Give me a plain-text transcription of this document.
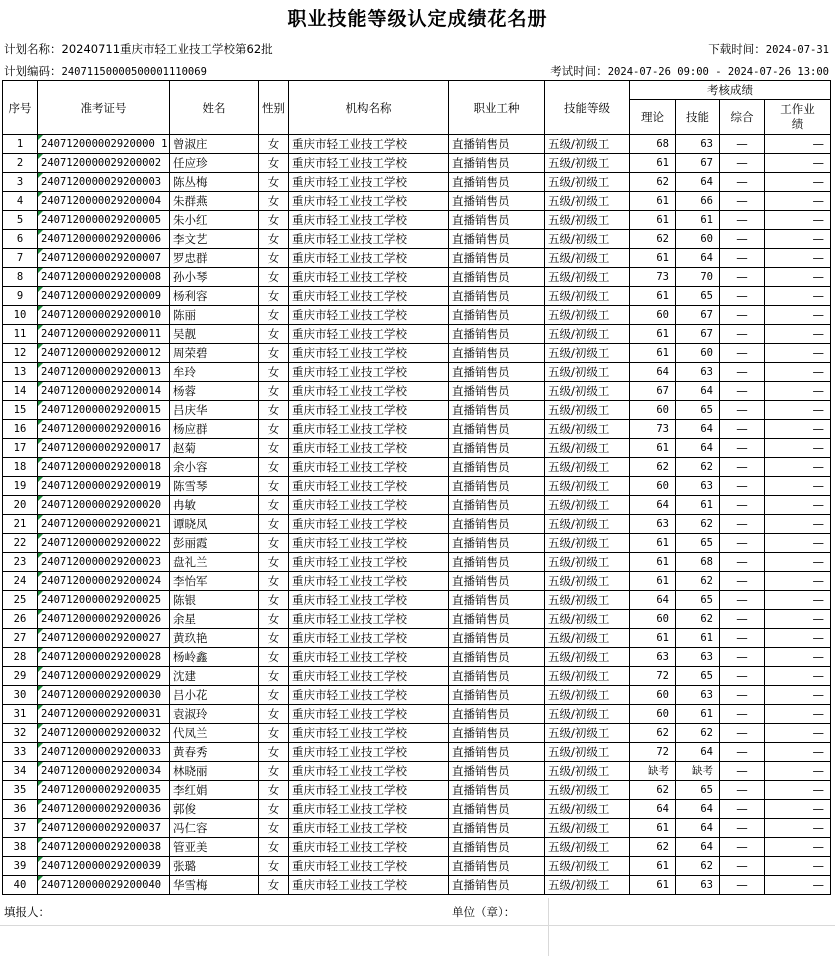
职业技能等级认定成绩花名册
计划名称：20240711重庆市轻工业技工学校第62批	下载时间：2024-07-31
计划编码：24071150000500001110069	考试时间：2024-07-26 09:00 - 2024-07-26 13:00
序号	准考证号	姓名	性别	机构名称	职业工种	技能等级	考核成绩			
							理论	技能	综合	工作业绩
1	240712000002920000 1	曾淑庄	女	重庆市轻工业技工学校	直播销售员	五级/初级工	68	63	—	—
2	2407120000029200002	任应珍	女	重庆市轻工业技工学校	直播销售员	五级/初级工	61	67	—	—
3	2407120000029200003	陈丛梅	女	重庆市轻工业技工学校	直播销售员	五级/初级工	62	64	—	—
4	2407120000029200004	朱群燕	女	重庆市轻工业技工学校	直播销售员	五级/初级工	61	66	—	—
5	2407120000029200005	朱小红	女	重庆市轻工业技工学校	直播销售员	五级/初级工	61	61	—	—
6	2407120000029200006	李文艺	女	重庆市轻工业技工学校	直播销售员	五级/初级工	62	60	—	—
7	2407120000029200007	罗忠群	女	重庆市轻工业技工学校	直播销售员	五级/初级工	61	64	—	—
8	2407120000029200008	孙小琴	女	重庆市轻工业技工学校	直播销售员	五级/初级工	73	70	—	—
9	2407120000029200009	杨利容	女	重庆市轻工业技工学校	直播销售员	五级/初级工	61	65	—	—
10	2407120000029200010	陈丽	女	重庆市轻工业技工学校	直播销售员	五级/初级工	60	67	—	—
11	2407120000029200011	吴靓	女	重庆市轻工业技工学校	直播销售员	五级/初级工	61	67	—	—
12	2407120000029200012	周荣碧	女	重庆市轻工业技工学校	直播销售员	五级/初级工	61	60	—	—
13	2407120000029200013	牟玲	女	重庆市轻工业技工学校	直播销售员	五级/初级工	64	63	—	—
14	2407120000029200014	杨蓉	女	重庆市轻工业技工学校	直播销售员	五级/初级工	67	64	—	—
15	2407120000029200015	吕庆华	女	重庆市轻工业技工学校	直播销售员	五级/初级工	60	65	—	—
16	2407120000029200016	杨应群	女	重庆市轻工业技工学校	直播销售员	五级/初级工	73	64	—	—
17	2407120000029200017	赵菊	女	重庆市轻工业技工学校	直播销售员	五级/初级工	61	64	—	—
18	2407120000029200018	余小容	女	重庆市轻工业技工学校	直播销售员	五级/初级工	62	62	—	—
19	2407120000029200019	陈雪琴	女	重庆市轻工业技工学校	直播销售员	五级/初级工	60	63	—	—
20	2407120000029200020	冉敏	女	重庆市轻工业技工学校	直播销售员	五级/初级工	64	61	—	—
21	2407120000029200021	谭晓凤	女	重庆市轻工业技工学校	直播销售员	五级/初级工	63	62	—	—
22	2407120000029200022	彭丽霞	女	重庆市轻工业技工学校	直播销售员	五级/初级工	61	65	—	—
23	2407120000029200023	盘礼兰	女	重庆市轻工业技工学校	直播销售员	五级/初级工	61	68	—	—
24	2407120000029200024	李怡军	女	重庆市轻工业技工学校	直播销售员	五级/初级工	61	62	—	—
25	2407120000029200025	陈银	女	重庆市轻工业技工学校	直播销售员	五级/初级工	64	65	—	—
26	2407120000029200026	余星	女	重庆市轻工业技工学校	直播销售员	五级/初级工	60	62	—	—
27	2407120000029200027	黄玖艳	女	重庆市轻工业技工学校	直播销售员	五级/初级工	61	61	—	—
28	2407120000029200028	杨岭鑫	女	重庆市轻工业技工学校	直播销售员	五级/初级工	63	63	—	—
29	2407120000029200029	沈建	女	重庆市轻工业技工学校	直播销售员	五级/初级工	72	65	—	—
30	2407120000029200030	吕小花	女	重庆市轻工业技工学校	直播销售员	五级/初级工	60	63	—	—
31	2407120000029200031	袁淑玲	女	重庆市轻工业技工学校	直播销售员	五级/初级工	60	61	—	—
32	2407120000029200032	代凤兰	女	重庆市轻工业技工学校	直播销售员	五级/初级工	62	62	—	—
33	2407120000029200033	黄春秀	女	重庆市轻工业技工学校	直播销售员	五级/初级工	72	64	—	—
34	2407120000029200034	林晓丽	女	重庆市轻工业技工学校	直播销售员	五级/初级工	缺考	缺考	—	—
35	2407120000029200035	李红娟	女	重庆市轻工业技工学校	直播销售员	五级/初级工	62	65	—	—
36	2407120000029200036	郭俊	女	重庆市轻工业技工学校	直播销售员	五级/初级工	64	64	—	—
37	2407120000029200037	冯仁容	女	重庆市轻工业技工学校	直播销售员	五级/初级工	61	64	—	—
38	2407120000029200038	管亚美	女	重庆市轻工业技工学校	直播销售员	五级/初级工	62	64	—	—
39	2407120000029200039	张璐	女	重庆市轻工业技工学校	直播销售员	五级/初级工	61	62	—	—
40	2407120000029200040	华雪梅	女	重庆市轻工业技工学校	直播销售员	五级/初级工	61	63	—	—
填报人：	单位（章）：
